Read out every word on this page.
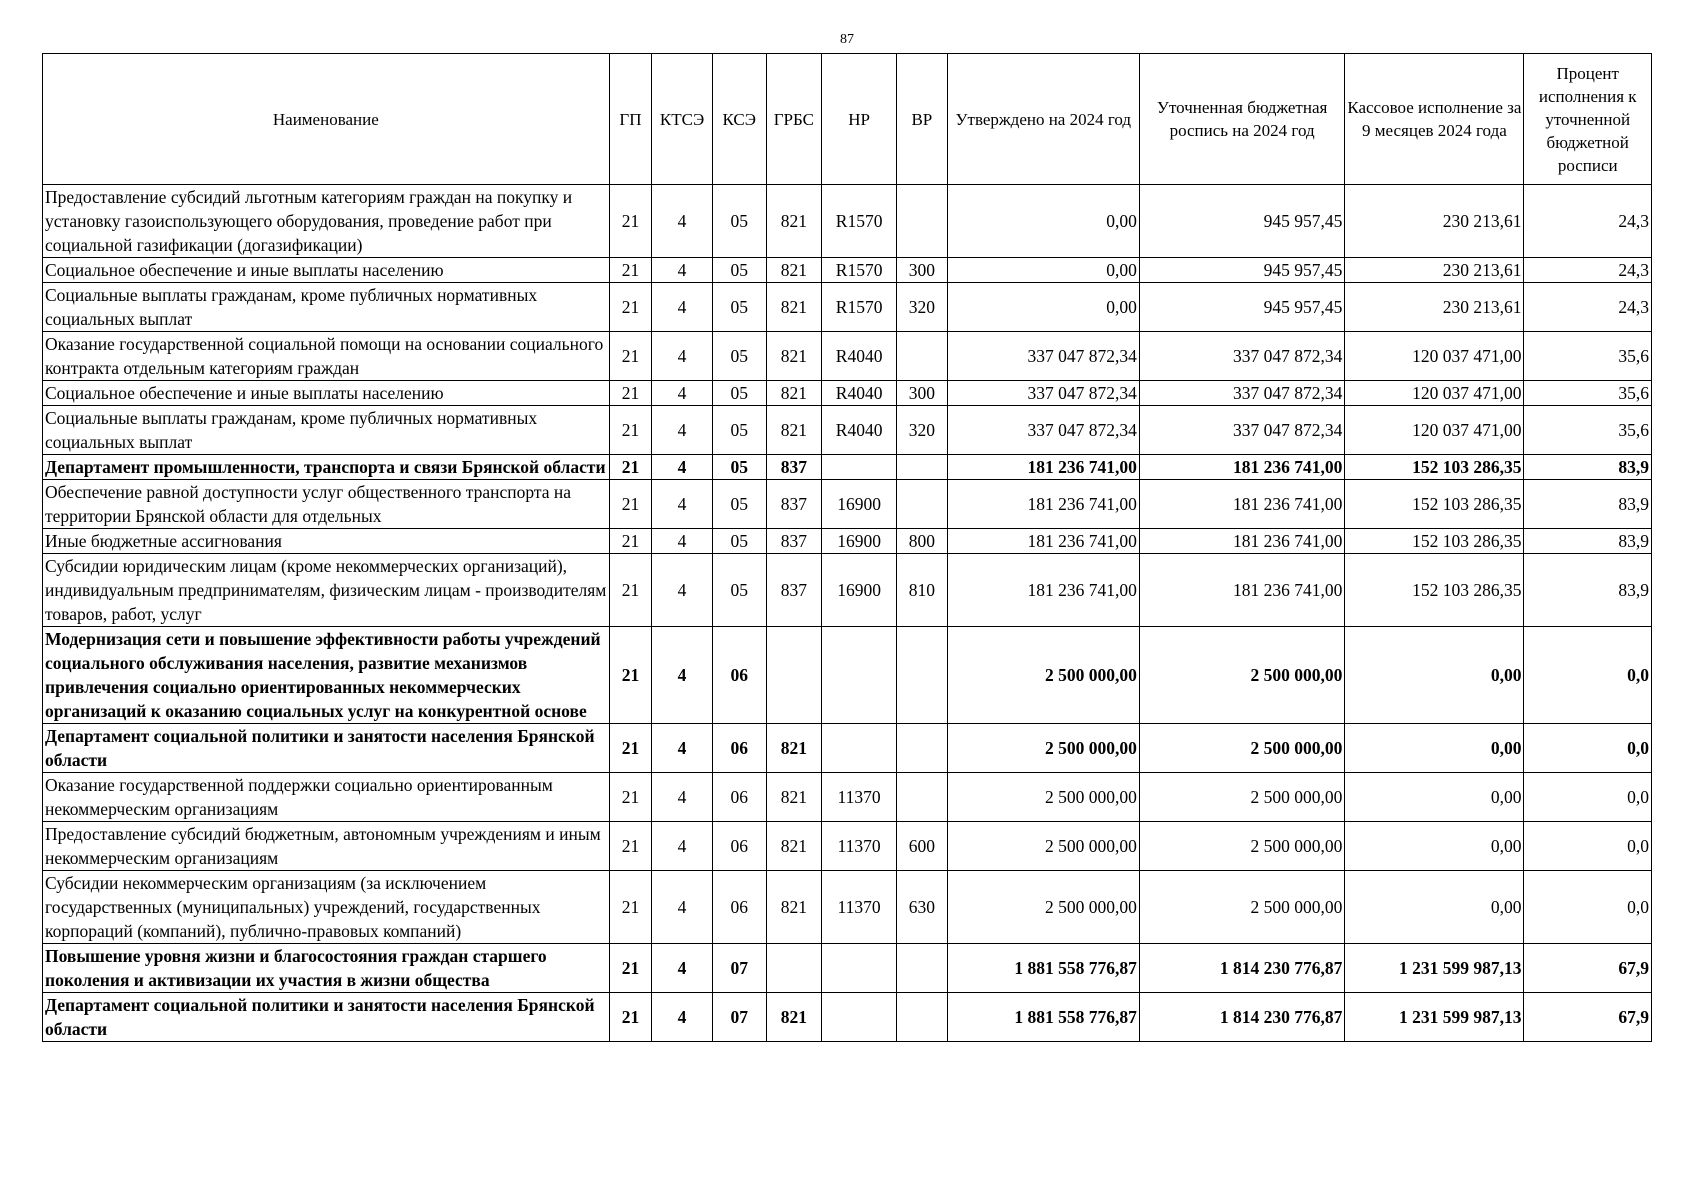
87
Наименование	ГП	КТСЭ	КСЭ	ГРБС	НР	ВР	Утверждено на 2024 год	Уточненная бюджетная роспись на 2024 год	Кассовое исполнение за 9 месяцев 2024 года	Процент исполнения к уточненной бюджетной росписи
Предоставление субсидий льготным категориям граждан на покупку и установку газоиспользующего оборудования, проведение работ при социальной газификации (догазификации)	21	4	05	821	R1570		0,00	945 957,45	230 213,61	24,3
Социальное обеспечение и иные выплаты населению	21	4	05	821	R1570	300	0,00	945 957,45	230 213,61	24,3
Социальные выплаты гражданам, кроме публичных нормативных социальных выплат	21	4	05	821	R1570	320	0,00	945 957,45	230 213,61	24,3
Оказание государственной социальной помощи на основании социального контракта отдельным категориям граждан	21	4	05	821	R4040		337 047 872,34	337 047 872,34	120 037 471,00	35,6
Социальное обеспечение и иные выплаты населению	21	4	05	821	R4040	300	337 047 872,34	337 047 872,34	120 037 471,00	35,6
Социальные выплаты гражданам, кроме публичных нормативных социальных выплат	21	4	05	821	R4040	320	337 047 872,34	337 047 872,34	120 037 471,00	35,6
Департамент промышленности, транспорта и связи Брянской области	21	4	05	837			181 236 741,00	181 236 741,00	152 103 286,35	83,9
Обеспечение равной доступности услуг общественного транспорта на территории Брянской области для отдельных	21	4	05	837	16900		181 236 741,00	181 236 741,00	152 103 286,35	83,9
Иные бюджетные ассигнования	21	4	05	837	16900	800	181 236 741,00	181 236 741,00	152 103 286,35	83,9
Субсидии юридическим лицам (кроме некоммерческих организаций), индивидуальным предпринимателям, физическим лицам - производителям товаров, работ, услуг	21	4	05	837	16900	810	181 236 741,00	181 236 741,00	152 103 286,35	83,9
Модернизация сети и повышение эффективности работы учреждений социального обслуживания населения, развитие механизмов привлечения социально ориентированных некоммерческих организаций к оказанию социальных услуг на конкурентной основе	21	4	06				2 500 000,00	2 500 000,00	0,00	0,0
Департамент социальной политики и занятости населения Брянской области	21	4	06	821			2 500 000,00	2 500 000,00	0,00	0,0
Оказание государственной поддержки социально ориентированным некоммерческим организациям	21	4	06	821	11370		2 500 000,00	2 500 000,00	0,00	0,0
Предоставление субсидий бюджетным, автономным учреждениям и иным некоммерческим организациям	21	4	06	821	11370	600	2 500 000,00	2 500 000,00	0,00	0,0
Субсидии некоммерческим организациям (за исключением государственных (муниципальных) учреждений, государственных корпораций (компаний), публично-правовых компаний)	21	4	06	821	11370	630	2 500 000,00	2 500 000,00	0,00	0,0
Повышение уровня жизни и благосостояния граждан старшего поколения и активизации их участия в жизни общества	21	4	07				1 881 558 776,87	1 814 230 776,87	1 231 599 987,13	67,9
Департамент социальной политики и занятости населения Брянской области	21	4	07	821			1 881 558 776,87	1 814 230 776,87	1 231 599 987,13	67,9
